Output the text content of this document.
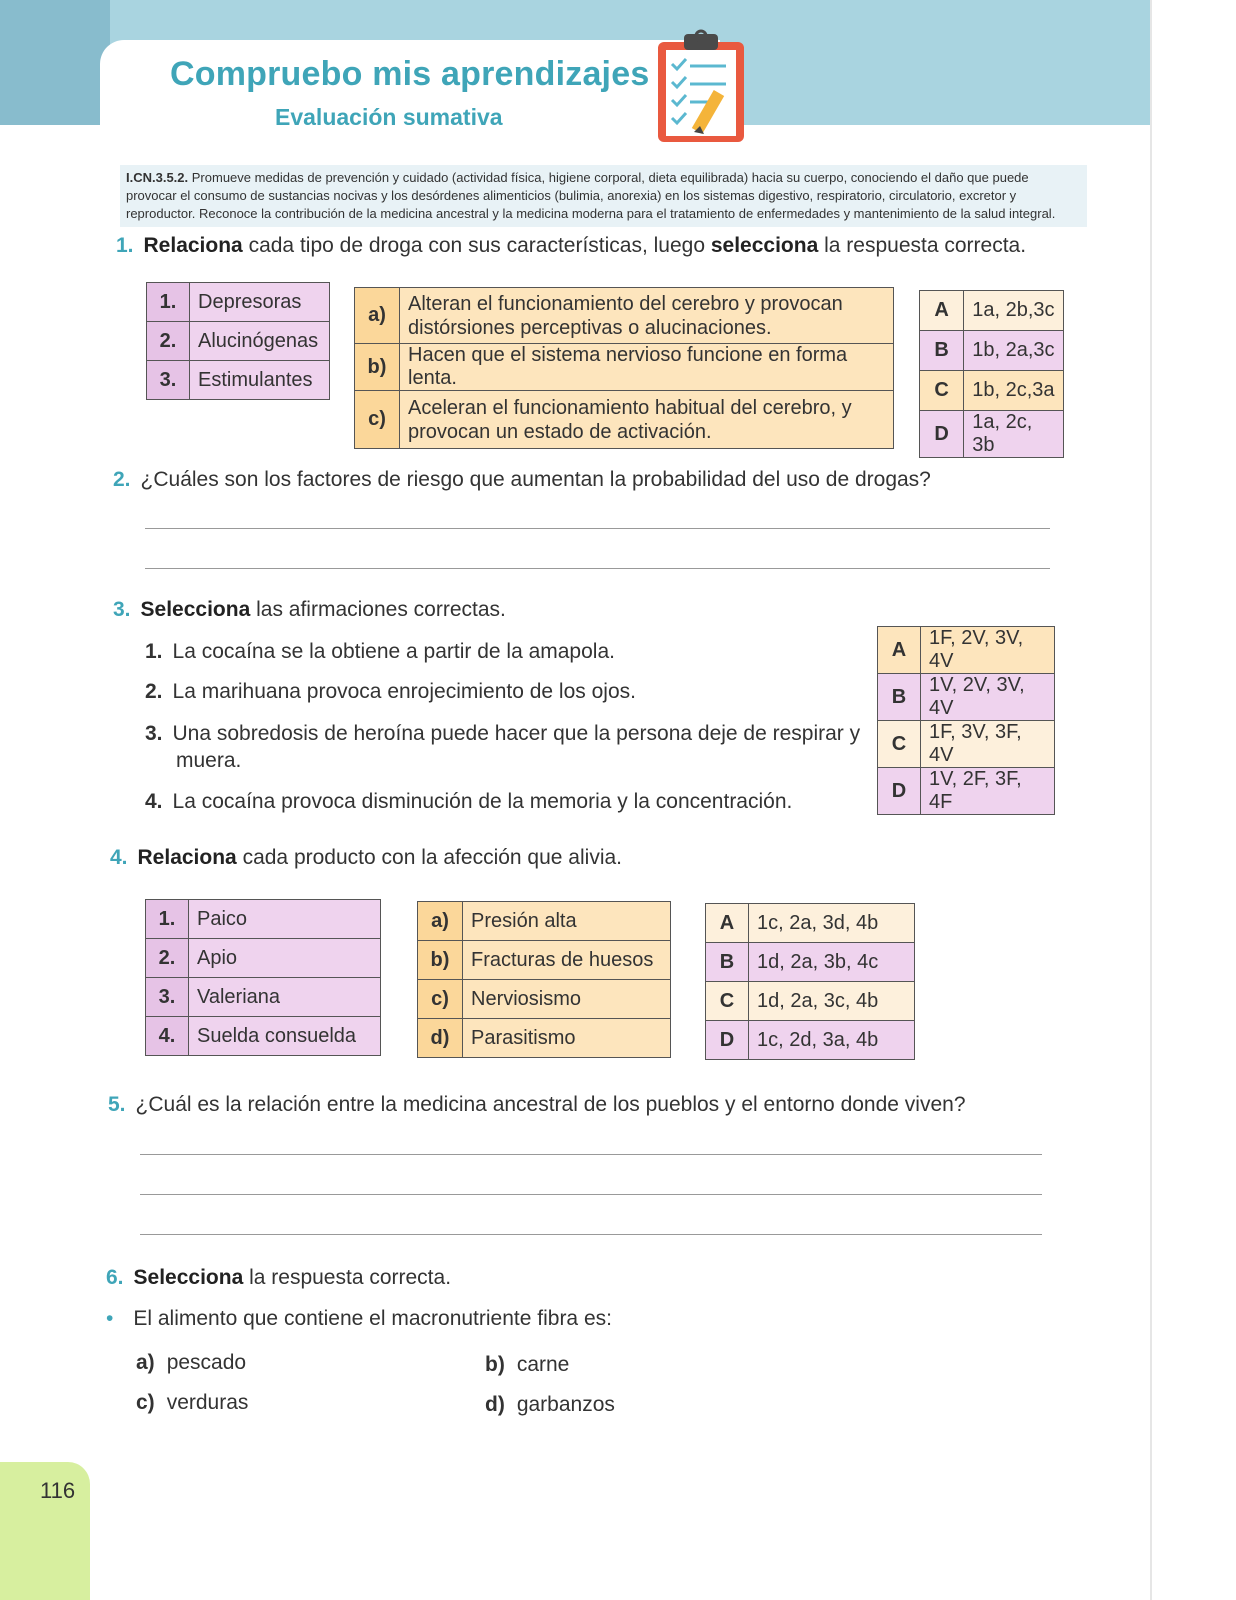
Compruebo mis aprendizajes
Evaluación sumativa
I.CN.3.5.2. Promueve medidas de prevención y cuidado (actividad física, higiene corporal, dieta equilibrada) hacia su cuerpo, conociendo el daño que puede provocar el consumo de sustancias nocivas y los desórdenes alimenticios (bulimia, anorexia) en los sistemas digestivo, respiratorio, circulatorio, excretor y reproductor. Reconoce la contribución de la medicina ancestral y la medicina moderna para el tratamiento de enfermedades y mantenimiento de la salud integral.
1. Relaciona cada tipo de droga con sus características, luego selecciona la respuesta correcta.
1.	Depresoras
2.	Alucinógenas
3.	Estimulantes
a)	Alteran el funcionamiento del cerebro y provocan distórsiones perceptivas o alucinaciones.
b)	Hacen que el sistema nervioso funcione en forma lenta.
c)	Aceleran el funcionamiento habitual del cerebro, y provocan un estado de activación.
A	1a, 2b,3c
B	1b, 2a,3c
C	1b, 2c,3a
D	1a, 2c, 3b
2. ¿Cuáles son los factores de riesgo que aumentan la probabilidad del uso de drogas?
3. Selecciona las afirmaciones correctas.
1. La cocaína se la obtiene a partir de la amapola.
2. La marihuana provoca enrojecimiento de los ojos.
3. Una sobredosis de heroína puede hacer que la persona deje de respirar y muera.
4. La cocaína provoca disminución de la memoria y la concentración.
A	1F, 2V, 3V, 4V
B	1V, 2V, 3V, 4V
C	1F, 3V, 3F, 4V
D	1V, 2F, 3F, 4F
4. Relaciona cada producto con la afección que alivia.
1.	Paico
2.	Apio
3.	Valeriana
4.	Suelda consuelda
a)	Presión alta
b)	Fracturas de huesos
c)	Nerviosismo
d)	Parasitismo
A	1c, 2a, 3d, 4b
B	1d, 2a, 3b, 4c
C	1d, 2a, 3c, 4b
D	1c, 2d, 3a, 4b
5. ¿Cuál es la relación entre la medicina ancestral de los pueblos y el entorno donde viven?
6. Selecciona la respuesta correcta.
• El alimento que contiene el macronutriente fibra es:
a) pescado	b) carne
c) verduras	d) garbanzos
116
